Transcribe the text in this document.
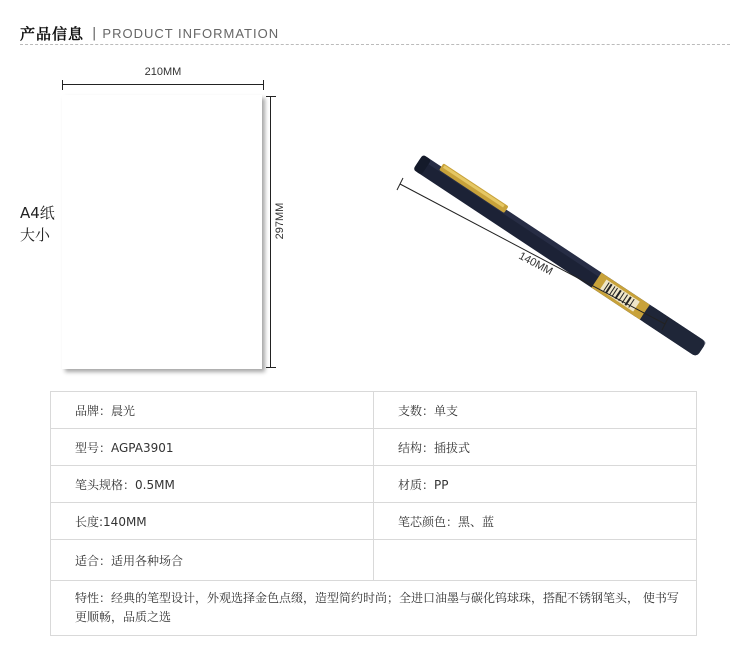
产品信息 | PRODUCT INFORMATION
210MM
297MM
A4纸
大小
140MM
品牌：晨光	支数：单支
型号：AGPA3901	结构：插拔式
笔头规格：0.5MM	材质：PP
长度:140MM	笔芯颜色：黑、蓝
适合：适用各种场合	
特性：经典的笔型设计，外观选择金色点缀，造型简约时尚；全进口油墨与碳化钨球珠，搭配不锈钢笔头， 使书写更顺畅，品质之选	
